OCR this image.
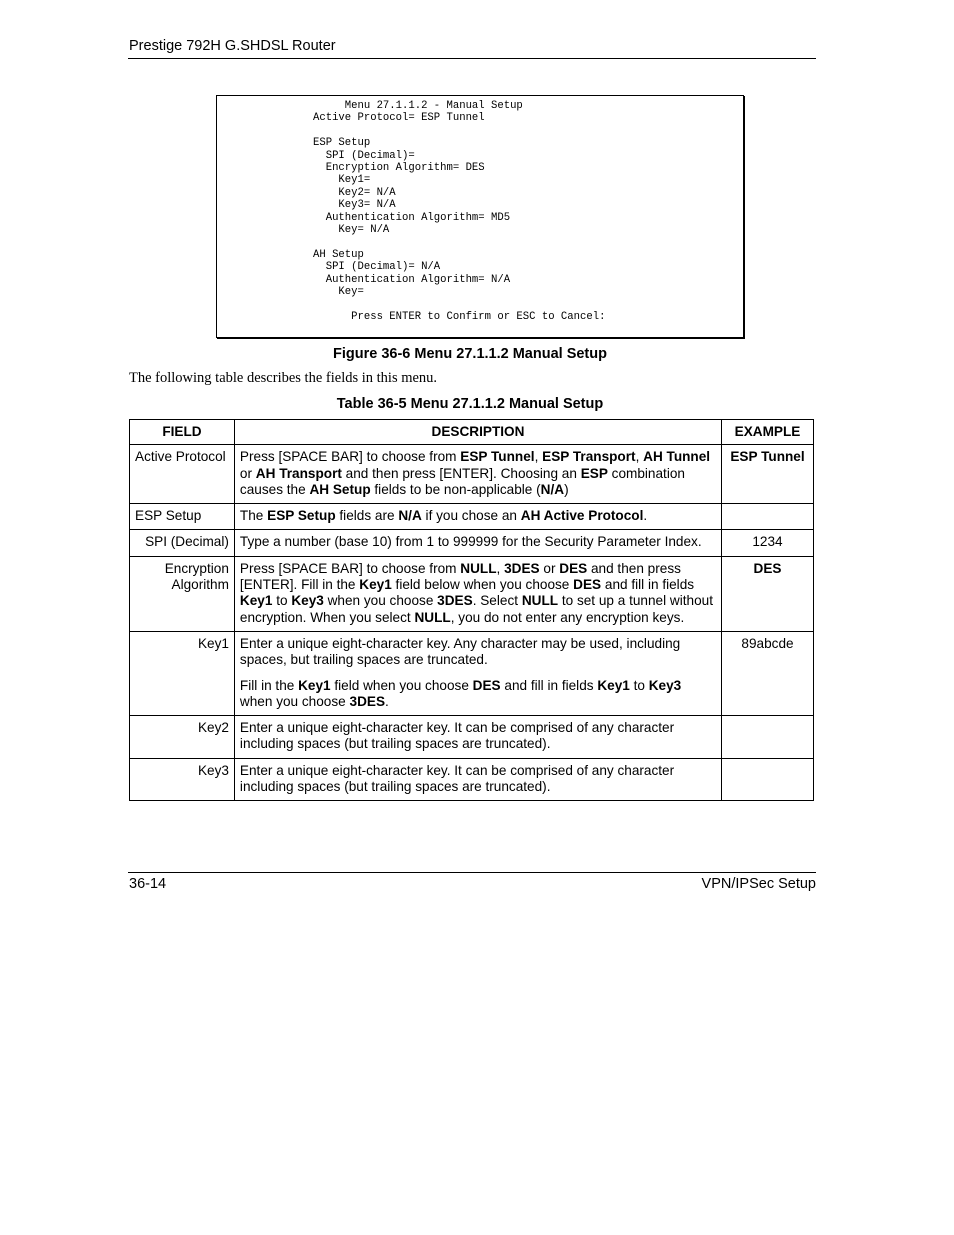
Prestige 792H G.SHDSL Router
Menu 27.1.1.2 - Manual Setup
Active Protocol= ESP Tunnel

ESP Setup
SPI (Decimal)=
Encryption Algorithm= DES
Key1=
Key2= N/A
Key3= N/A
Authentication Algorithm= MD5
Key= N/A

AH Setup
SPI (Decimal)= N/A
Authentication Algorithm= N/A
Key=

Press ENTER to Confirm or ESC to Cancel:
Figure 36-6 Menu 27.1.1.2 Manual Setup
The following table describes the fields in this menu.
Table 36-5 Menu 27.1.1.2 Manual Setup
FIELD	DESCRIPTION	EXAMPLE
Active Protocol	Press [SPACE BAR] to choose from ESP Tunnel, ESP Transport, AH Tunnel or AH Transport and then press [ENTER]. Choosing an ESP combination causes the AH Setup fields to be non-applicable (N/A)	ESP Tunnel
ESP Setup	The ESP Setup fields are N/A if you chose an AH Active Protocol.	

SPI (Decimal)	Type a number (base 10) from 1 to 999999 for the Security Parameter Index.	1234
Encryption Algorithm	Press [SPACE BAR] to choose from NULL, 3DES or DES and then press [ENTER]. Fill in the Key1 field below when you choose DES and fill in fields Key1 to Key3 when you choose 3DES. Select NULL to set up a tunnel without encryption. When you select NULL, you do not enter any encryption keys.	DES
Key1	Enter a unique eight-character key. Any character may be used, including spaces, but trailing spaces are truncated.

Fill in the Key1 field when you choose DES and fill in fields Key1 to Key3 when you choose 3DES.	89abcde
Key2	Enter a unique eight-character key. It can be comprised of any character including spaces (but trailing spaces are truncated).	

Key3	Enter a unique eight-character key. It can be comprised of any character including spaces (but trailing spaces are truncated).	

36-14	VPN/IPSec Setup
